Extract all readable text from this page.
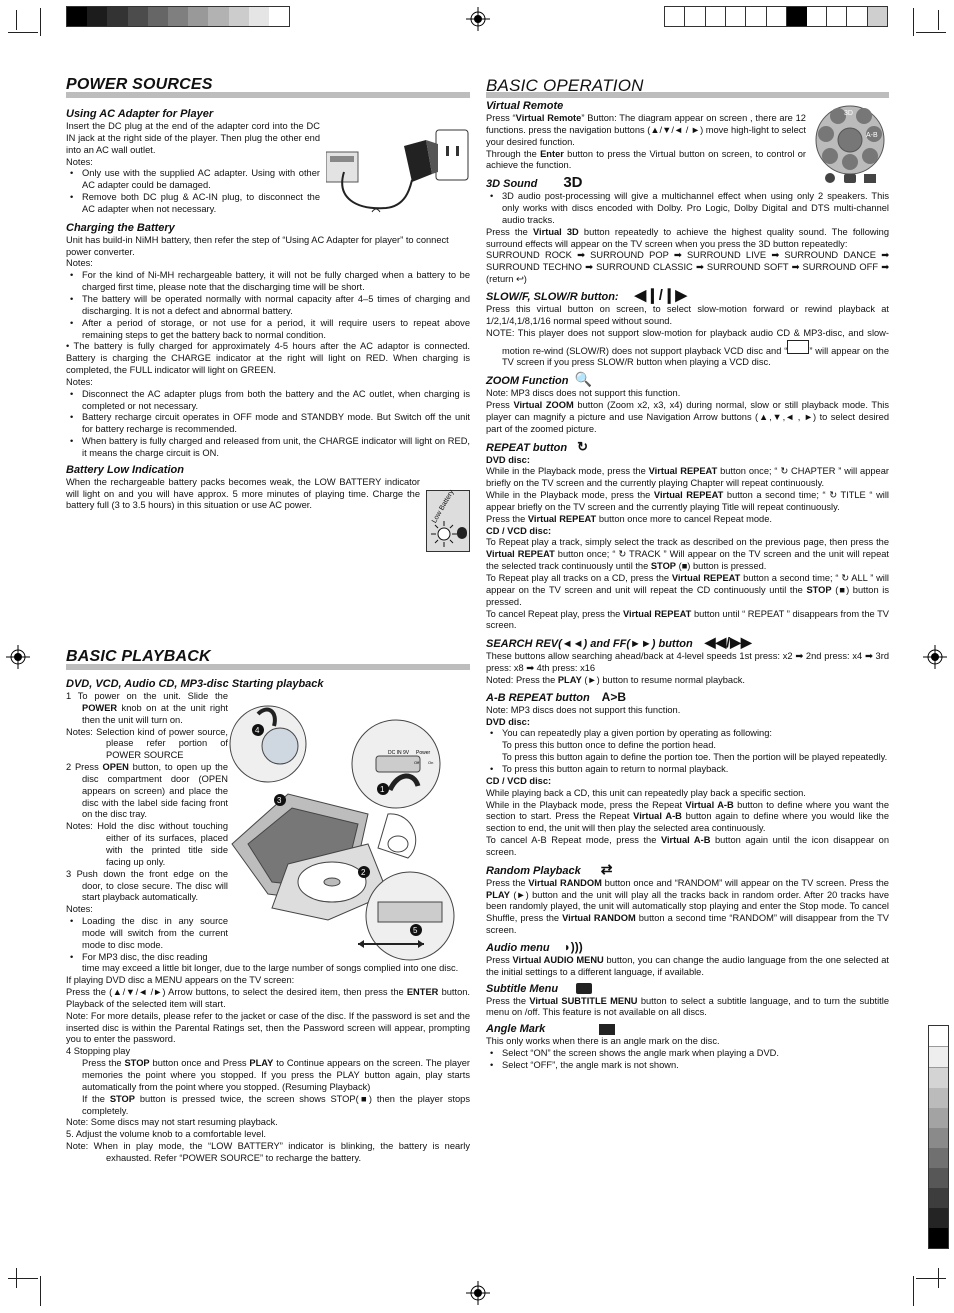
POWER SOURCES
Using AC Adapter for Player

Insert the DC plug at the end of the adapter cord into the DC IN jack at the right side of the player. Then plug the other end into an AC wall outlet.

Notes:

• Only use with the supplied AC adapter. Using with other AC adapter could be damaged.
• Remove both DC plug & AC-IN plug, to disconnect the AC adapter when not necessary.
Charging the Battery

Unit has build-in NiMH battery, then refer the step of “Using AC Adapter for player” to connect power converter.

Notes:

• For the kind of Ni-MH rechargeable battery, it will not be fully charged when a battery to be charged first time, please note that the discharging time will be short.
• The battery will be operated normally with normal capacity after 4–5 times of charging and discharging. It is not a defect and abnormal battery.
• After a period of storage, or not use for a period, it will require users to repeat above remaining steps to get the battery back to normal condition.

• The battery is fully charged for approximately 4-5 hours after the AC adaptor is connected. Battery is charging the CHARGE indicator at the right will light on RED. When charging is completed, the FULL indicator will light on GREEN.

Notes:

• Disconnect the AC adapter plugs from both the battery and the AC outlet, when charging is completed or not necessary.
• Battery recharge circuit operates in OFF mode and STANDBY mode. But Switch off the unit for battery recharge is recommended.
• When battery is fully charged and released from unit, the CHARGE indicator will light on RED, it means the charge circuit is ON.
Battery Low Indication

When the rechargeable battery packs becomes weak, the LOW BATTERY indicator will light on and you will have approx. 5 more minutes of playing time. Charge the battery full (3 to 3.5 hours) in this situation or use AC power.	Low Battery
BASIC PLAYBACK
DVD, VCD, Audio CD, MP3-disc Starting playback

1 To power on the unit. Slide the POWER knob on at the unit right then the unit will turn on.

Notes: Selection kind of power source, please refer portion of POWER SOURCE

2 Press OPEN button, to open up the disc compartment door (OPEN appears on screen) and place the disc with the label side facing front on the disc tray.

Notes: Hold the disc without touching either of its surfaces, placed with the printed title side facing up only.

3 Push down the front edge on the door, to close secure. The disc will start playback automatically.

Notes:

• Loading the disc in any source mode will switch from the current mode to disc mode.
• For MP3 disc, the disc reading

time may exceed a little bit longer, due to the large number of songs complied into one disc.

If playing DVD disc a MENU appears on the TV screen:

Press the (▲/▼/◄ /►) Arrow buttons, to select the desired item, then press the ENTER button. Playback of the selected item will start.

Note: For more details, please refer to the jacket or case of the disc. If the password is set and the inserted disc is within the Parental Ratings set, then the Password screen will appear, prompting you to enter the password.

4 Stopping play

Press the STOP button once and Press PLAY to Continue appears on the screen. The player memories the point where you stopped. If you press the PLAY button again, play starts automatically from the point where you stopped. (Resuming Playback)

If the STOP button is pressed twice, the screen shows STOP(■) then the player stops completely.

Note: Some discs may not start resuming playback.

5. Adjust the volume knob to a comfortable level.

Note: When in play mode, the “LOW BATTERY” indicator is blinking, the battery is nearly exhausted. Refer “POWER SOURCE” to recharge the battery.

DC IN 9V Power
Off On
4
1
3
2
5
BASIC OPERATION
3D
A-B
Virtual Remote

Press “Virtual Remote” Button: The diagram appear on screen , there are 12 functions. press the navigation buttons (▲/▼/◄ / ►) move high-light to select your desired function.

Through the Enter button to press the Virtual button on screen, to control or achieve the function.

3D Sound 3D
• 3D audio post-processing will give a multichannel effect when using only 2 speakers. This only works with discs encoded with Dolby. Pro Logic, Dolby Digital and DTS multi-channel audio tracks.

Press the Virtual 3D button repeatedly to achieve the highest quality sound. The following surround effects will appear on the TV screen when you press the 3D button repeatedly:

SURROUND ROCK ➡ SURROUND POP ➡ SURROUND LIVE ➡ SURROUND DANCE ➡ SURROUND TECHNO ➡ SURROUND CLASSIC ➡ SURROUND SOFT ➡ SURROUND OFF ➡ (return ↩)

SLOW/F, SLOW/R button: ◀❙/❙▶

Press this virtual button on screen, to select slow-motion forward or rewind playback at 1/2,1/4,1/8,1/16 normal speed without sound.

NOTE: This player does not support slow-motion for playback audio CD & MP3-disc, and slow-motion re-wind (SLOW/R) does not support playback VCD disc and “ ” will appear on the TV screen if you press SLOW/R button when playing a VCD disc.

ZOOM Function 🔍

Note: MP3 discs does not support this function.

Press Virtual ZOOM button (Zoom x2, x3, x4) during normal, slow or still playback mode. This player can magnify a picture and use Navigation Arrow buttons (▲,▼,◄ , ►) to select desired part of the zoomed picture.

REPEAT button ↻

DVD disc:

While in the Playback mode, press the Virtual REPEAT button once; “ ↻ CHAPTER ” will appear briefly on the TV screen and the currently playing Chapter will repeat continuously.

While in the Playback mode, press the Virtual REPEAT button a second time; “ ↻ TITLE “ will appear briefly on the TV screen and the currently playing Title will repeat continuously.

Press the Virtual REPEAT button once more to cancel Repeat mode.

CD / VCD disc:

To Repeat play a track, simply select the track as described on the previous page, then press the Virtual REPEAT button once; “ ↻ TRACK ” Will appear on the TV screen and the unit will repeat the selected track continuously until the STOP (■) button is pressed.

To Repeat play all tracks on a CD, press the Virtual REPEAT button a second time; “ ↻ ALL ” will appear on the TV screen and unit will repeat the CD continuously until the STOP (■) button is pressed.

To cancel Repeat play, press the Virtual REPEAT button until “ REPEAT ” disappears from the TV screen.

SEARCH REV(◄◄) and FF(►►) button ◀◀/▶▶

These buttons allow searching ahead/back at 4-level speeds 1st press: x2 ➡ 2nd press: x4 ➡ 3rd press: x8 ➡ 4th press: x16

Noted: Press the PLAY (►) button to resume normal playback.

A-B REPEAT button A>B

Note: MP3 discs does not support this function.

DVD disc:

• You can repeatedly play a given portion by operating as following:

To press this button once to define the portion head.

To press this button again to define the portion toe. Then the portion will be played repeatedly.

• To press this button again to return to normal playback.

CD / VCD disc:

While playing back a CD, this unit can repeatedly play back a specific section.

While in the Playback mode, press the Repeat Virtual A-B button to define where you want the section to start. Press the Repeat Virtual A-B button again to define where you would like the section to end, the unit will then play the selected area continuously.

To cancel A-B Repeat mode, press the Virtual A-B button again until the icon disappear on screen.

Random Playback ⇄

Press the Virtual RANDOM button once and “RANDOM” will appear on the TV screen. Press the PLAY (►) button and the unit will play all the tracks back in random order. After 20 tracks have been randomly played, the unit will automatically stop playing and enter the Stop mode. To cancel Shuffle, press the Virtual RANDOM button a second time “RANDOM” will disappear from the TV screen.

Audio menu ◗)))

Press Virtual AUDIO MENU button, you can change the audio language from the one selected at the initial settings to a different language, if available.

Subtitle Menu

Press the Virtual SUBTITLE MENU button to select a subtitle language, and to turn the subtitle menu on /off. This feature is not available on all discs.

Angle Mark

This only works when there is an angle mark on the disc.

• Select “ON” the screen shows the angle mark when playing a DVD.
• Select “OFF”, the angle mark is not shown.
